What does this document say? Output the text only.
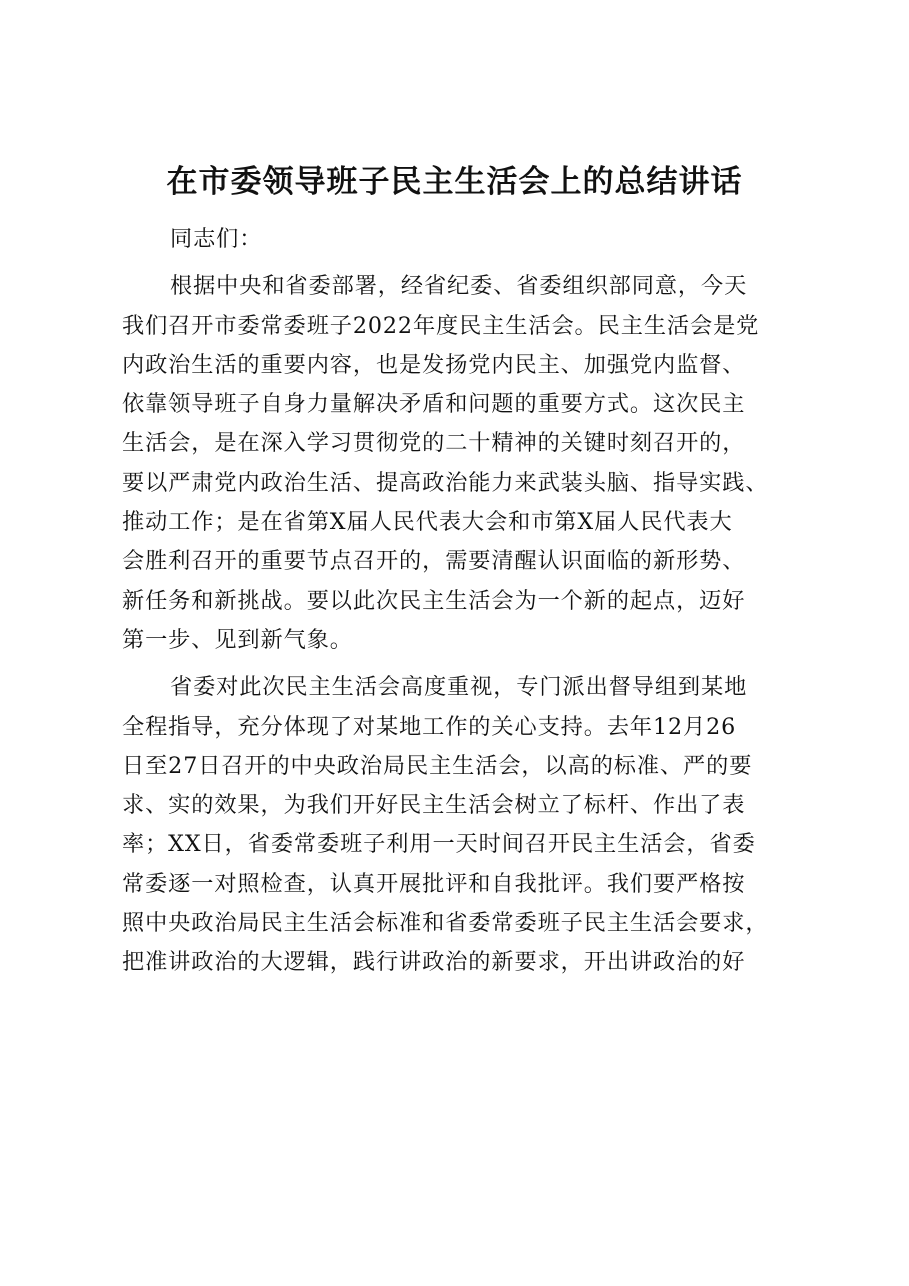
在市委领导班子民主生活会上的总结讲话
同志们：
根据中央和省委部署，经省纪委、省委组织部同意，今天
我们召开市委常委班子2022年度民主生活会。民主生活会是党
内政治生活的重要内容，也是发扬党内民主、加强党内监督、
依靠领导班子自身力量解决矛盾和问题的重要方式。这次民主
生活会，是在深入学习贯彻党的二十精神的关键时刻召开的，
要以严肃党内政治生活、提高政治能力来武装头脑、指导实践、
推动工作；是在省第X届人民代表大会和市第X届人民代表大
会胜利召开的重要节点召开的，需要清醒认识面临的新形势、
新任务和新挑战。要以此次民主生活会为一个新的起点，迈好
第一步、见到新气象。
省委对此次民主生活会高度重视，专门派出督导组到某地
全程指导，充分体现了对某地工作的关心支持。去年12月26
日至27日召开的中央政治局民主生活会，以高的标准、严的要
求、实的效果，为我们开好民主生活会树立了标杆、作出了表
率；XX日，省委常委班子利用一天时间召开民主生活会，省委
常委逐一对照检查，认真开展批评和自我批评。我们要严格按
照中央政治局民主生活会标准和省委常委班子民主生活会要求，
把准讲政治的大逻辑，践行讲政治的新要求，开出讲政治的好
